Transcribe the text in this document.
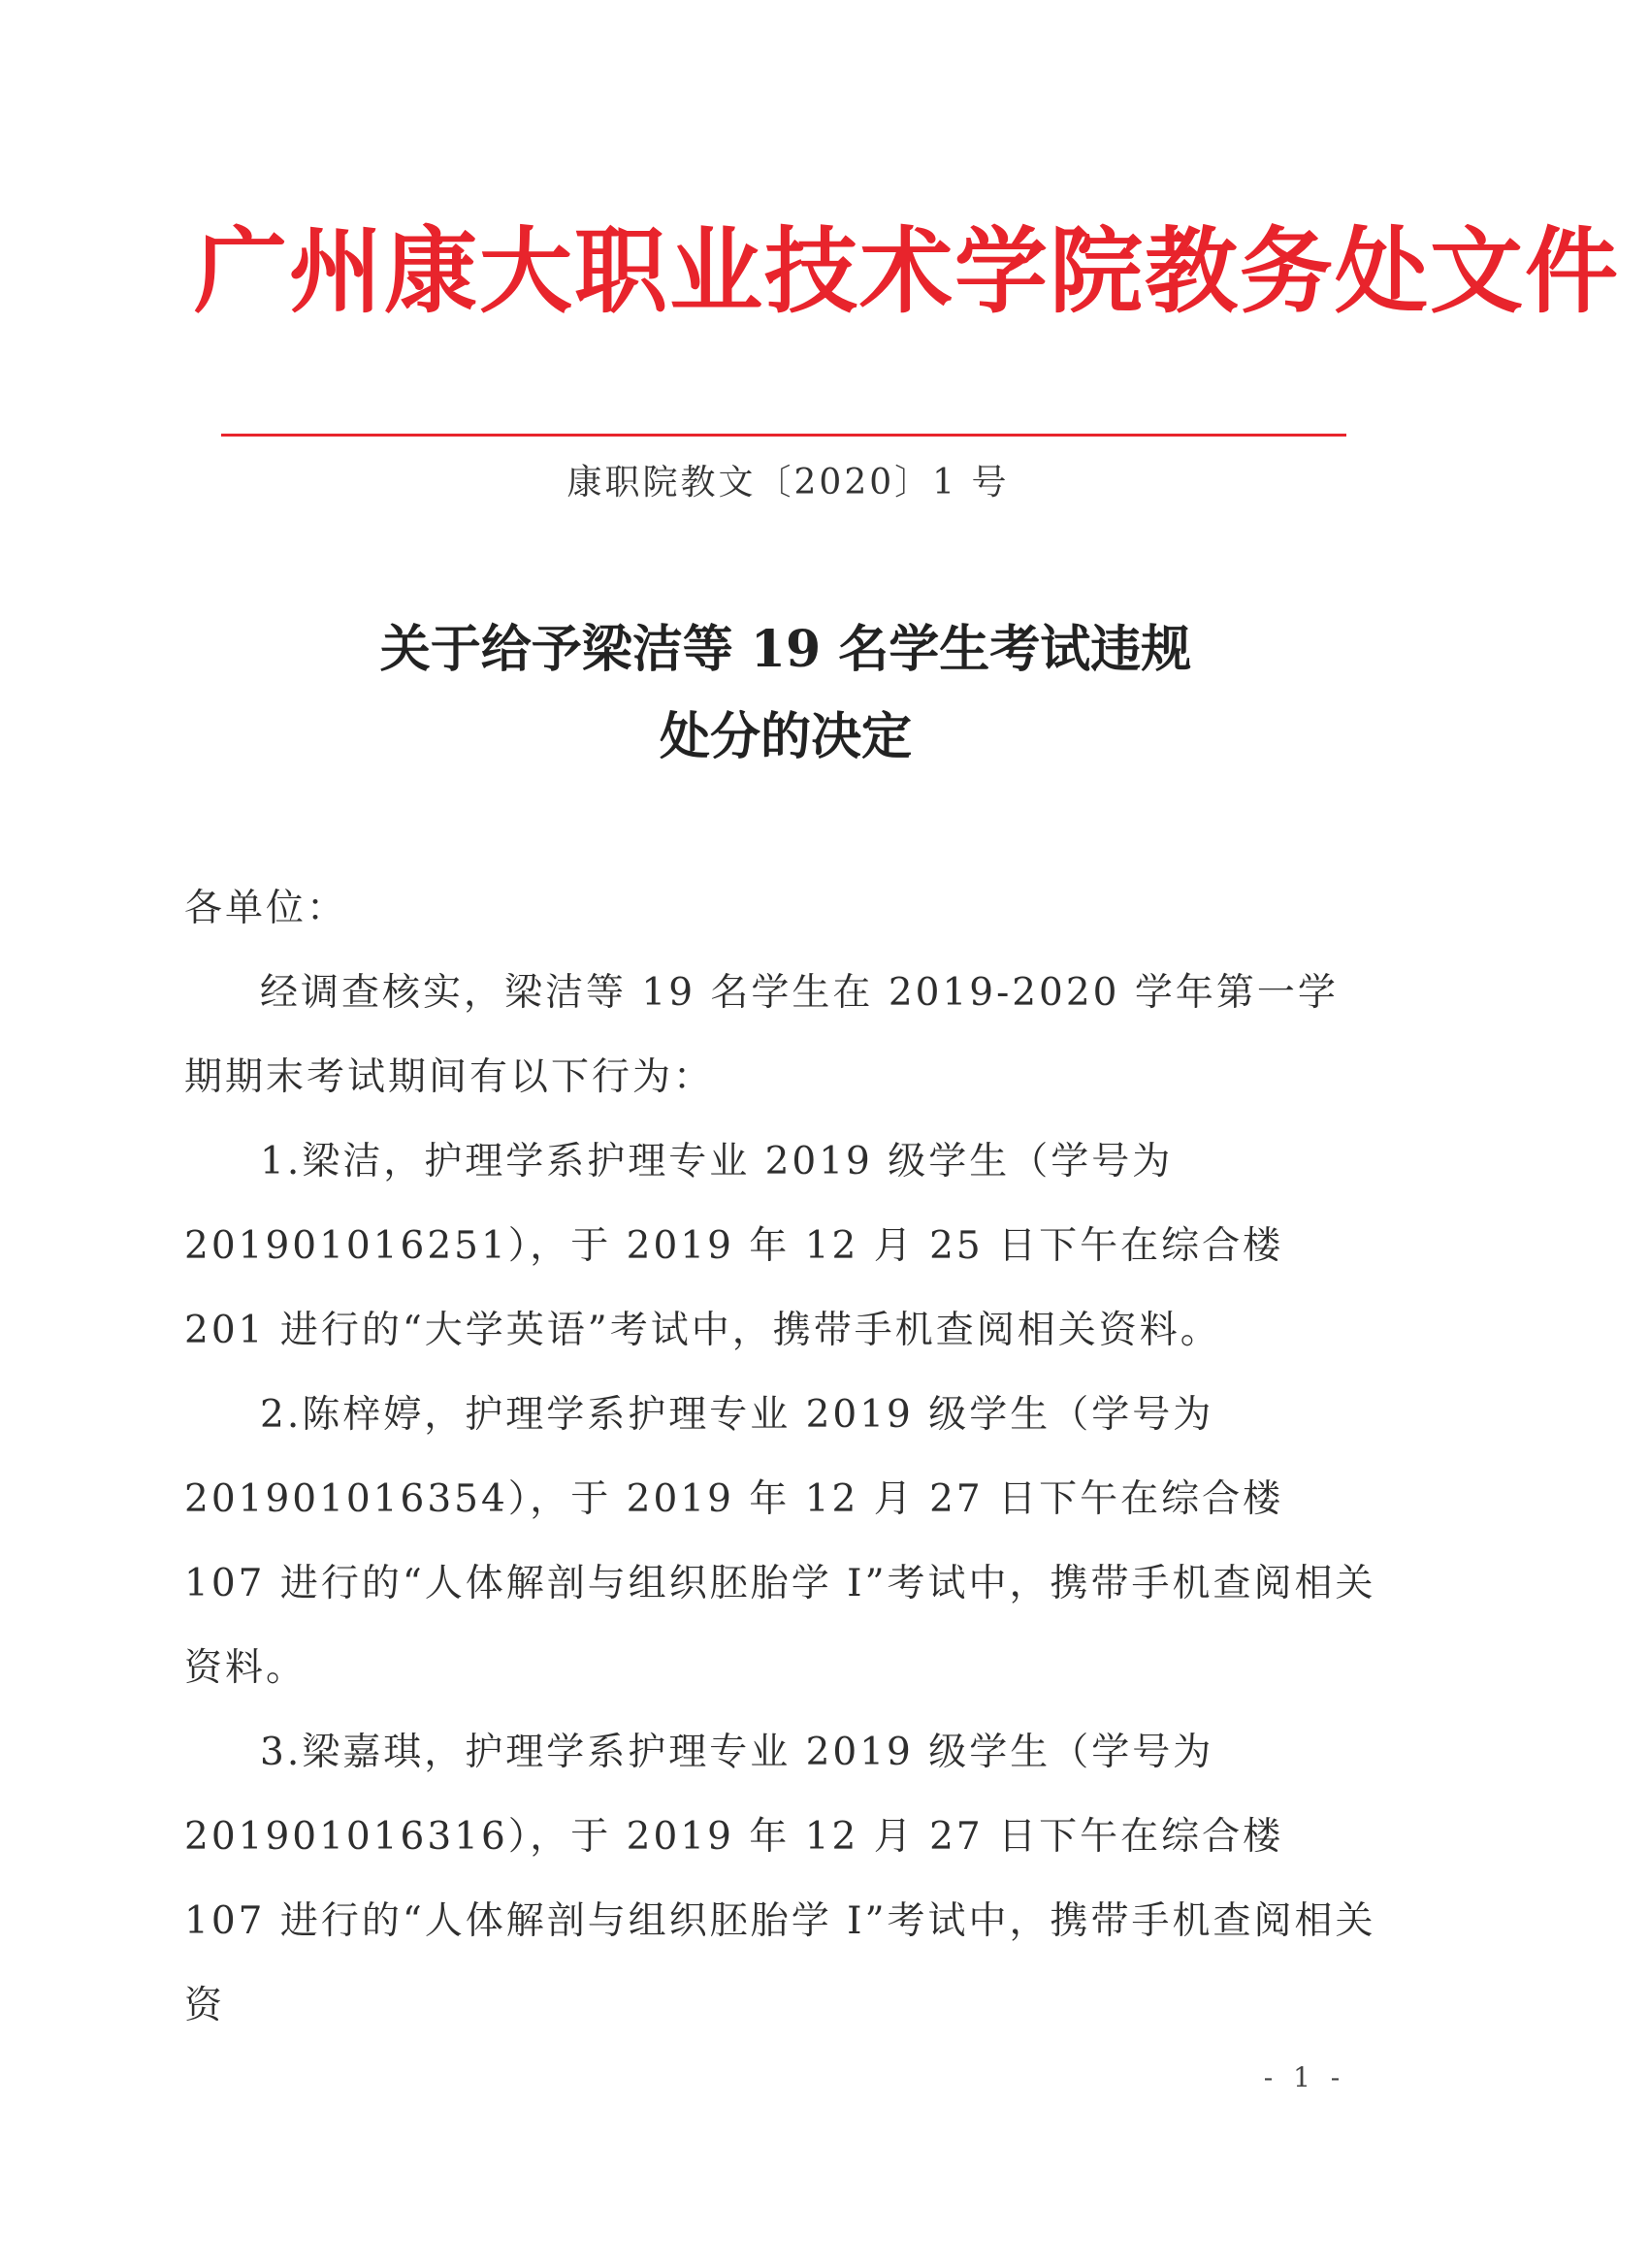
广州康大职业技术学院教务处文件
康职院教文〔2020〕1 号
关于给予梁洁等 19 名学生考试违规
处分的决定

各单位：

经调查核实，梁洁等 19 名学生在 2019-2020 学年第一学期期末考试期间有以下行为：

1.梁洁，护理学系护理专业 2019 级学生（学号为 201901016251），于 2019 年 12 月 25 日下午在综合楼 201 进行的“大学英语”考试中，携带手机查阅相关资料。

2.陈梓婷，护理学系护理专业 2019 级学生（学号为 201901016354），于 2019 年 12 月 27 日下午在综合楼 107 进行的“人体解剖与组织胚胎学 I”考试中，携带手机查阅相关资料。

3.梁嘉琪，护理学系护理专业 2019 级学生（学号为 201901016316），于 2019 年 12 月 27 日下午在综合楼 107 进行的“人体解剖与组织胚胎学 I”考试中，携带手机查阅相关资

- 1 -
